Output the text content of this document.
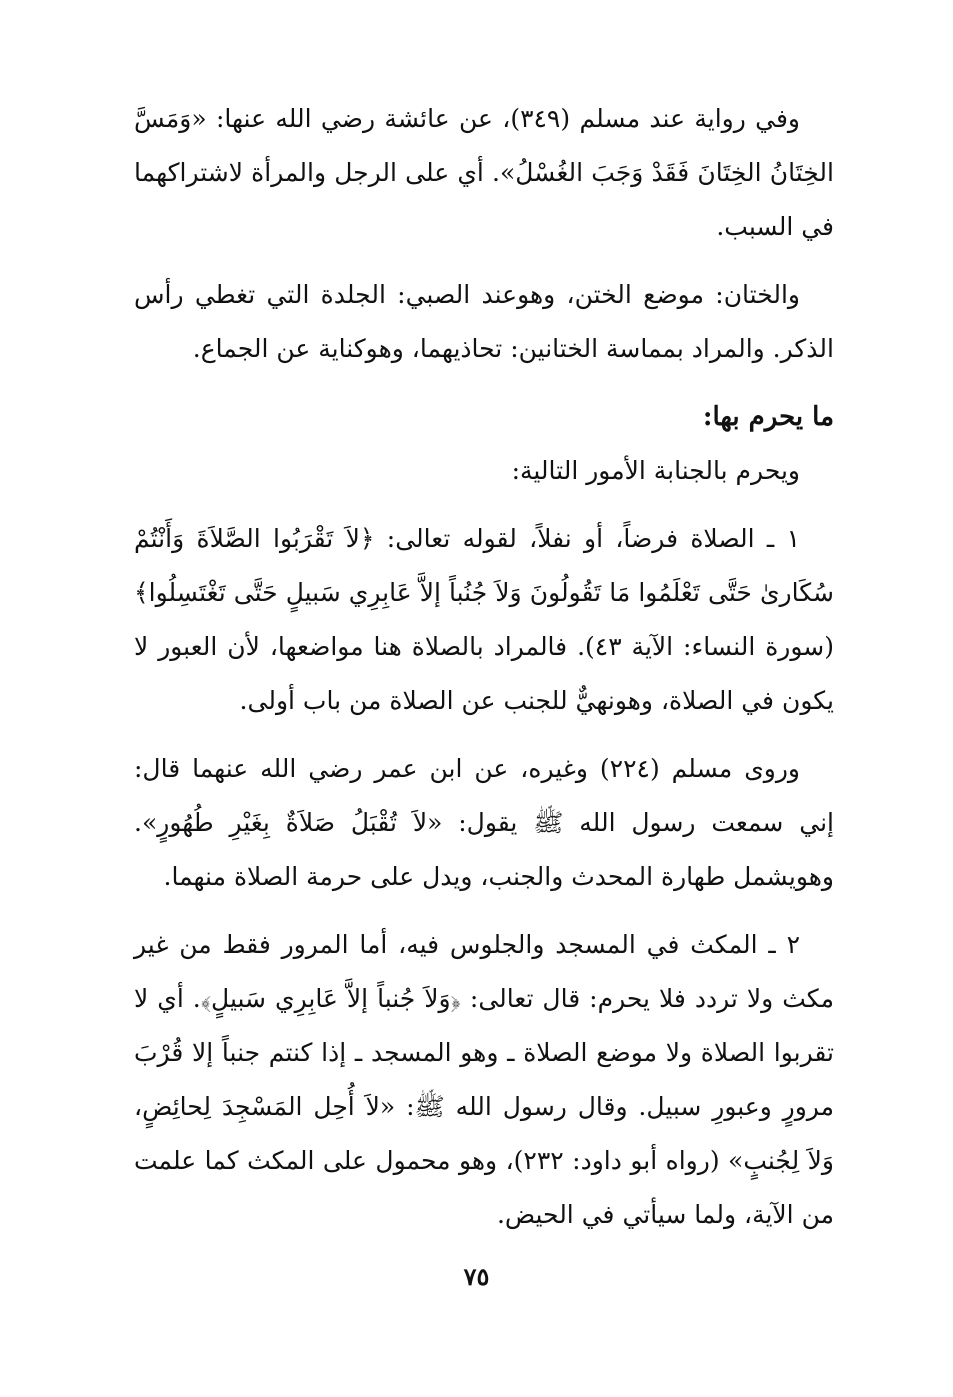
وفي رواية عند مسلم (٣٤٩)، عن عائشة رضي الله عنها: «وَمَسَّ الخِتَانُ الخِتَانَ فَقَدْ وَجَبَ الغُسْلُ». أي على الرجل والمرأة لاشتراكهما في السبب.

والختان: موضع الختن، وهوعند الصبي: الجلدة التي تغطي رأس الذكر. والمراد بمماسة الختانين: تحاذيهما، وهوكناية عن الجماع.

ما يحرم بها:

ويحرم بالجنابة الأمور التالية:

١ ـ الصلاة فرضاً، أو نفلاً، لقوله تعالى: ﴿لاَ تَقْرَبُوا الصَّلاَةَ وَأَنْتُمْ سُكَارىٰ حَتَّى تَعْلَمُوا مَا تَقُولُونَ وَلاَ جُنُباً إلاَّ عَابِرِي سَبيلٍ حَتَّى تَغْتَسِلُوا﴾ (سورة النساء: الآية ٤٣). فالمراد بالصلاة هنا مواضعها، لأن العبور لا يكون في الصلاة، وهونهيٌّ للجنب عن الصلاة من باب أولى.

وروى مسلم (٢٢٤) وغيره، عن ابن عمر رضي الله عنهما قال: إني سمعت رسول الله ﷺ يقول: «لاَ تُقْبَلُ صَلاَةٌ بِغَيْرِ طُهُورٍ». وهويشمل طهارة المحدث والجنب، ويدل على حرمة الصلاة منهما.

٢ ـ المكث في المسجد والجلوس فيه، أما المرور فقط من غير مكث ولا تردد فلا يحرم: قال تعالى: ﴿وَلاَ جُنباً إلاَّ عَابِرِي سَبيلٍ﴾. أي لا تقربوا الصلاة ولا موضع الصلاة ـ وهو المسجد ـ إذا كنتم جنباً إلا قُرْبَ مرورٍ وعبورِ سبيل. وقال رسول الله ﷺ: «لاَ أُحِل المَسْجِدَ لِحائِضٍ، وَلاَ لِجُنبٍ» (رواه أبو داود: ٢٣٢)، وهو محمول على المكث كما علمت من الآية، ولما سيأتي في الحيض.

٧٥
